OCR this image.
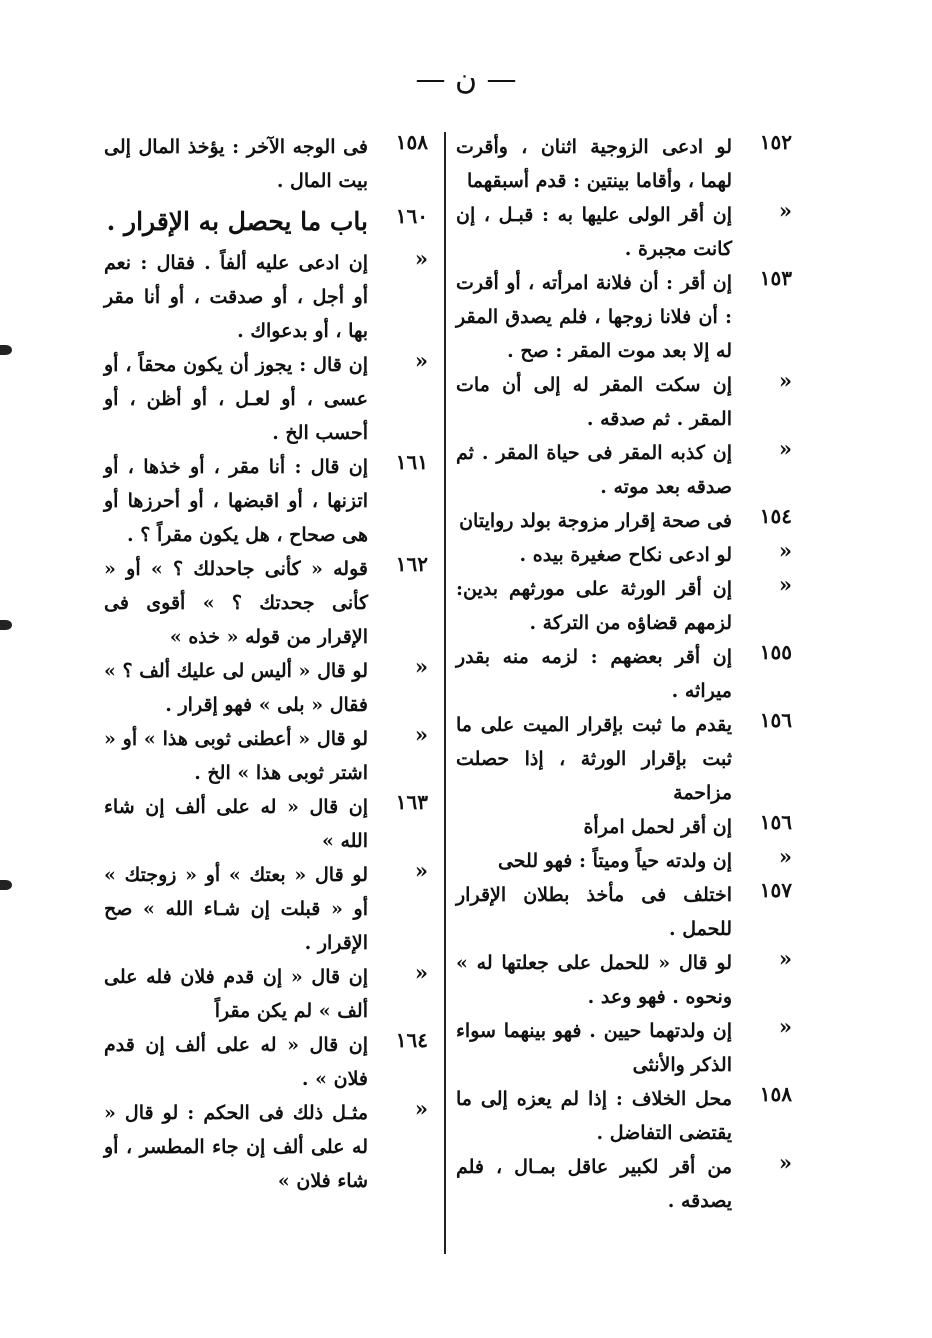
— ن —
١٥٢

لو ادعى الزوجية اثنان ، وأقرت لهما ، وأقاما بينتين : قدم أسبقهما

«

إن أقر الولى عليها به : قبـل ، إن كانت مجبرة .

١٥٣

إن أقر : أن فلانة امرأته ، أو أقرت : أن فلانا زوجها ، فلم يصدق المقر له إلا بعد موت المقر : صح .

«

إن سكت المقر له إلى أن مات المقر . ثم صدقه .

«

إن كذبه المقر فى حياة المقر . ثم صدقه بعد موته .

١٥٤

فى صحة إقرار مزوجة بولد روايتان

«

لو ادعى نكاح صغيرة بيده .

«

إن أقر الورثة على مورثهم بدين: لزمهم قضاؤه من التركة .

١٥٥

إن أقر بعضهم : لزمه منه بقدر ميراثه .

١٥٦

يقدم ما ثبت بإقرار الميت على ما ثبت بإقرار الورثة ، إذا حصلت مزاحمة

١٥٦

إن أقر لحمل امرأة

«

إن ولدته حياً وميتاً : فهو للحى

١٥٧

اختلف فى مأخذ بطلان الإقرار للحمل .

«

لو قال « للحمل على جعلتها له » ونحوه . فهو وعد .

«

إن ولدتهما حيين . فهو بينهما سواء الذكر والأنثى

١٥٨

محل الخلاف : إذا لم يعزه إلى ما يقتضى التفاضل .

«

من أقر لكبير عاقل بمـال ، فلم يصدقه .

١٥٨

فى الوجه الآخر : يؤخذ المال إلى بيت المال .

١٦٠

باب ما يحصل به الإقرار .

«

إن ادعى عليه ألفاً . فقال : نعم أو أجل ، أو صدقت ، أو أنا مقر بها ، أو بدعواك .

«

إن قال : يجوز أن يكون محقاً ، أو عسى ، أو لعـل ، أو أظن ، أو أحسب الخ .

١٦١

إن قال : أنا مقر ، أو خذها ، أو اتزنها ، أو اقبضها ، أو أحرزها أو هى صحاح ، هل يكون مقراً ؟ .

١٦٢

قوله « كأنى جاحدلك ؟ » أو « كأنى جحدتك ؟ » أقوى فى الإقرار من قوله « خذه »

«

لو قال « أليس لى عليك ألف ؟ » فقال « بلى » فهو إقرار .

«

لو قال « أعطنى ثوبى هذا » أو « اشتر ثوبى هذا » الخ .

١٦٣

إن قال « له على ألف إن شاء الله »

«

لو قال « بعتك » أو « زوجتك » أو « قبلت إن شـاء الله » صح الإقرار .

«

إن قال « إن قدم فلان فله على ألف » لم يكن مقراً

١٦٤

إن قال « له على ألف إن قدم فلان » .

«

مثـل ذلك فى الحكم : لو قال « له على ألف إن جاء المطسر ، أو شاء فلان »
